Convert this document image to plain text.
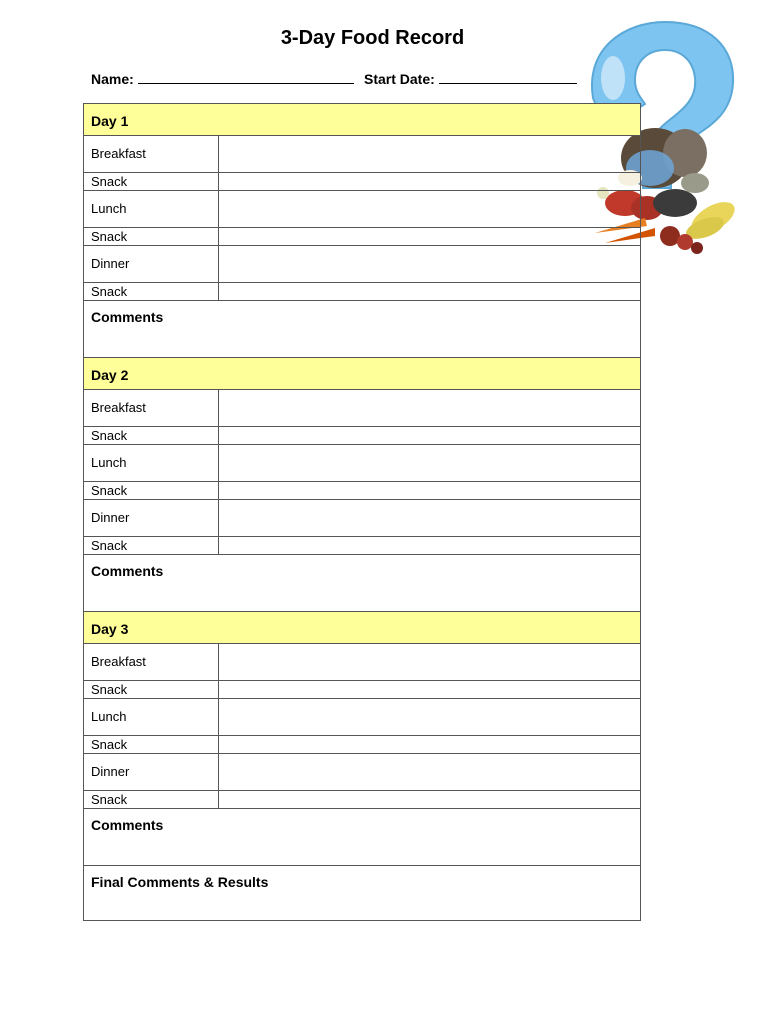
3-Day Food Record
Name:	Start Date:
Day 1
Breakfast
Snack
Lunch
Snack
Dinner
Snack
Comments
Day 2
Breakfast
Snack
Lunch
Snack
Dinner
Snack
Comments
Day 3
Breakfast
Snack
Lunch
Snack
Dinner
Snack
Comments
Final Comments & Results
